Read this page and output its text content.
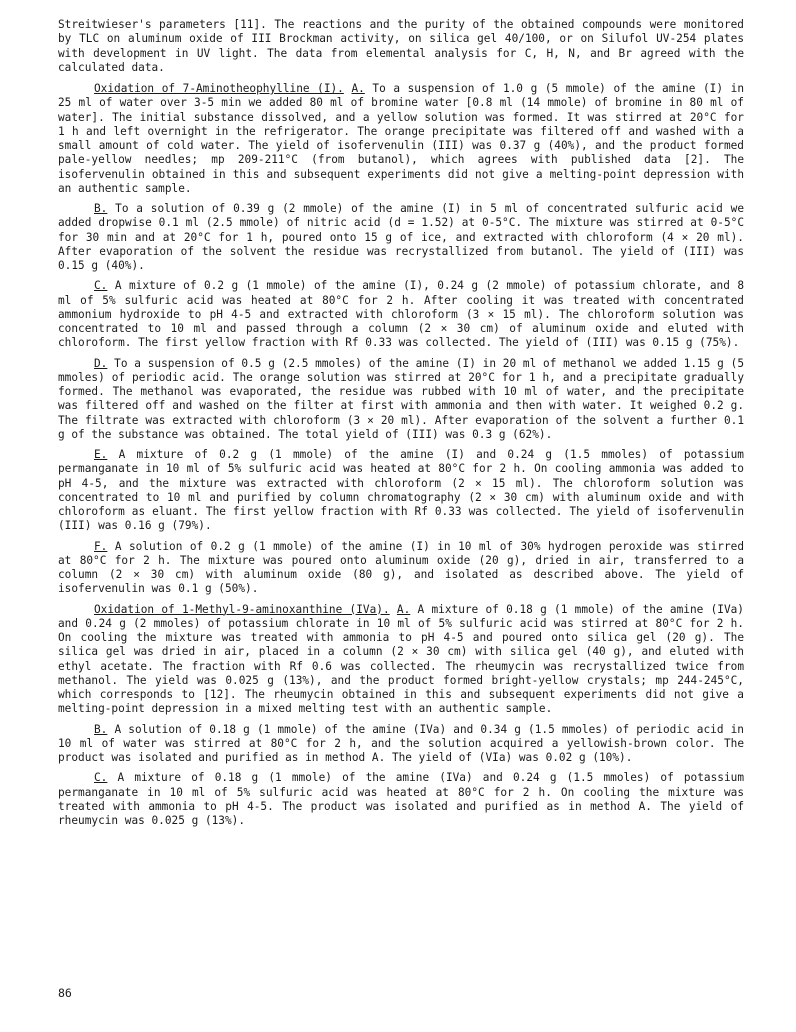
Streitwieser's parameters [11]. The reactions and the purity of the obtained compounds were monitored by TLC on aluminum oxide of III Brockman activity, on silica gel 40/100, or on Silufol UV-254 plates with development in UV light. The data from elemental analysis for C, H, N, and Br agreed with the calculated data.

Oxidation of 7-Aminotheophylline (I). A. To a suspension of 1.0 g (5 mmole) of the amine (I) in 25 ml of water over 3-5 min we added 80 ml of bromine water [0.8 ml (14 mmole) of bromine in 80 ml of water]. The initial substance dissolved, and a yellow solution was formed. It was stirred at 20°C for 1 h and left overnight in the refrigerator. The orange precipitate was filtered off and washed with a small amount of cold water. The yield of isofervenulin (III) was 0.37 g (40%), and the product formed pale-yellow needles; mp 209-211°C (from butanol), which agrees with published data [2]. The isofervenulin obtained in this and subsequent experiments did not give a melting-point depression with an authentic sample.

B. To a solution of 0.39 g (2 mmole) of the amine (I) in 5 ml of concentrated sulfuric acid we added dropwise 0.1 ml (2.5 mmole) of nitric acid (d = 1.52) at 0-5°C. The mixture was stirred at 0-5°C for 30 min and at 20°C for 1 h, poured onto 15 g of ice, and extracted with chloroform (4 × 20 ml). After evaporation of the solvent the residue was recrystallized from butanol. The yield of (III) was 0.15 g (40%).

C. A mixture of 0.2 g (1 mmole) of the amine (I), 0.24 g (2 mmole) of potassium chlorate, and 8 ml of 5% sulfuric acid was heated at 80°C for 2 h. After cooling it was treated with concentrated ammonium hydroxide to pH 4-5 and extracted with chloroform (3 × 15 ml). The chloroform solution was concentrated to 10 ml and passed through a column (2 × 30 cm) of aluminum oxide and eluted with chloroform. The first yellow fraction with Rf 0.33 was collected. The yield of (III) was 0.15 g (75%).

D. To a suspension of 0.5 g (2.5 mmoles) of the amine (I) in 20 ml of methanol we added 1.15 g (5 mmoles) of periodic acid. The orange solution was stirred at 20°C for 1 h, and a precipitate gradually formed. The methanol was evaporated, the residue was rubbed with 10 ml of water, and the precipitate was filtered off and washed on the filter at first with ammonia and then with water. It weighed 0.2 g. The filtrate was extracted with chloroform (3 × 20 ml). After evaporation of the solvent a further 0.1 g of the substance was obtained. The total yield of (III) was 0.3 g (62%).

E. A mixture of 0.2 g (1 mmole) of the amine (I) and 0.24 g (1.5 mmoles) of potassium permanganate in 10 ml of 5% sulfuric acid was heated at 80°C for 2 h. On cooling ammonia was added to pH 4-5, and the mixture was extracted with chloroform (2 × 15 ml). The chloroform solution was concentrated to 10 ml and purified by column chromatography (2 × 30 cm) with aluminum oxide and with chloroform as eluant. The first yellow fraction with Rf 0.33 was collected. The yield of isofervenulin (III) was 0.16 g (79%).

F. A solution of 0.2 g (1 mmole) of the amine (I) in 10 ml of 30% hydrogen peroxide was stirred at 80°C for 2 h. The mixture was poured onto aluminum oxide (20 g), dried in air, transferred to a column (2 × 30 cm) with aluminum oxide (80 g), and isolated as described above. The yield of isofervenulin was 0.1 g (50%).

Oxidation of 1-Methyl-9-aminoxanthine (IVa). A. A mixture of 0.18 g (1 mmole) of the amine (IVa) and 0.24 g (2 mmoles) of potassium chlorate in 10 ml of 5% sulfuric acid was stirred at 80°C for 2 h. On cooling the mixture was treated with ammonia to pH 4-5 and poured onto silica gel (20 g). The silica gel was dried in air, placed in a column (2 × 30 cm) with silica gel (40 g), and eluted with ethyl acetate. The fraction with Rf 0.6 was collected. The rheumycin was recrystallized twice from methanol. The yield was 0.025 g (13%), and the product formed bright-yellow crystals; mp 244-245°C, which corresponds to [12]. The rheumycin obtained in this and subsequent experiments did not give a melting-point depression in a mixed melting test with an authentic sample.

B. A solution of 0.18 g (1 mmole) of the amine (IVa) and 0.34 g (1.5 mmoles) of periodic acid in 10 ml of water was stirred at 80°C for 2 h, and the solution acquired a yellowish-brown color. The product was isolated and purified as in method A. The yield of (VIa) was 0.02 g (10%).

C. A mixture of 0.18 g (1 mmole) of the amine (IVa) and 0.24 g (1.5 mmoles) of potassium permanganate in 10 ml of 5% sulfuric acid was heated at 80°C for 2 h. On cooling the mixture was treated with ammonia to pH 4-5. The product was isolated and purified as in method A. The yield of rheumycin was 0.025 g (13%).

86
